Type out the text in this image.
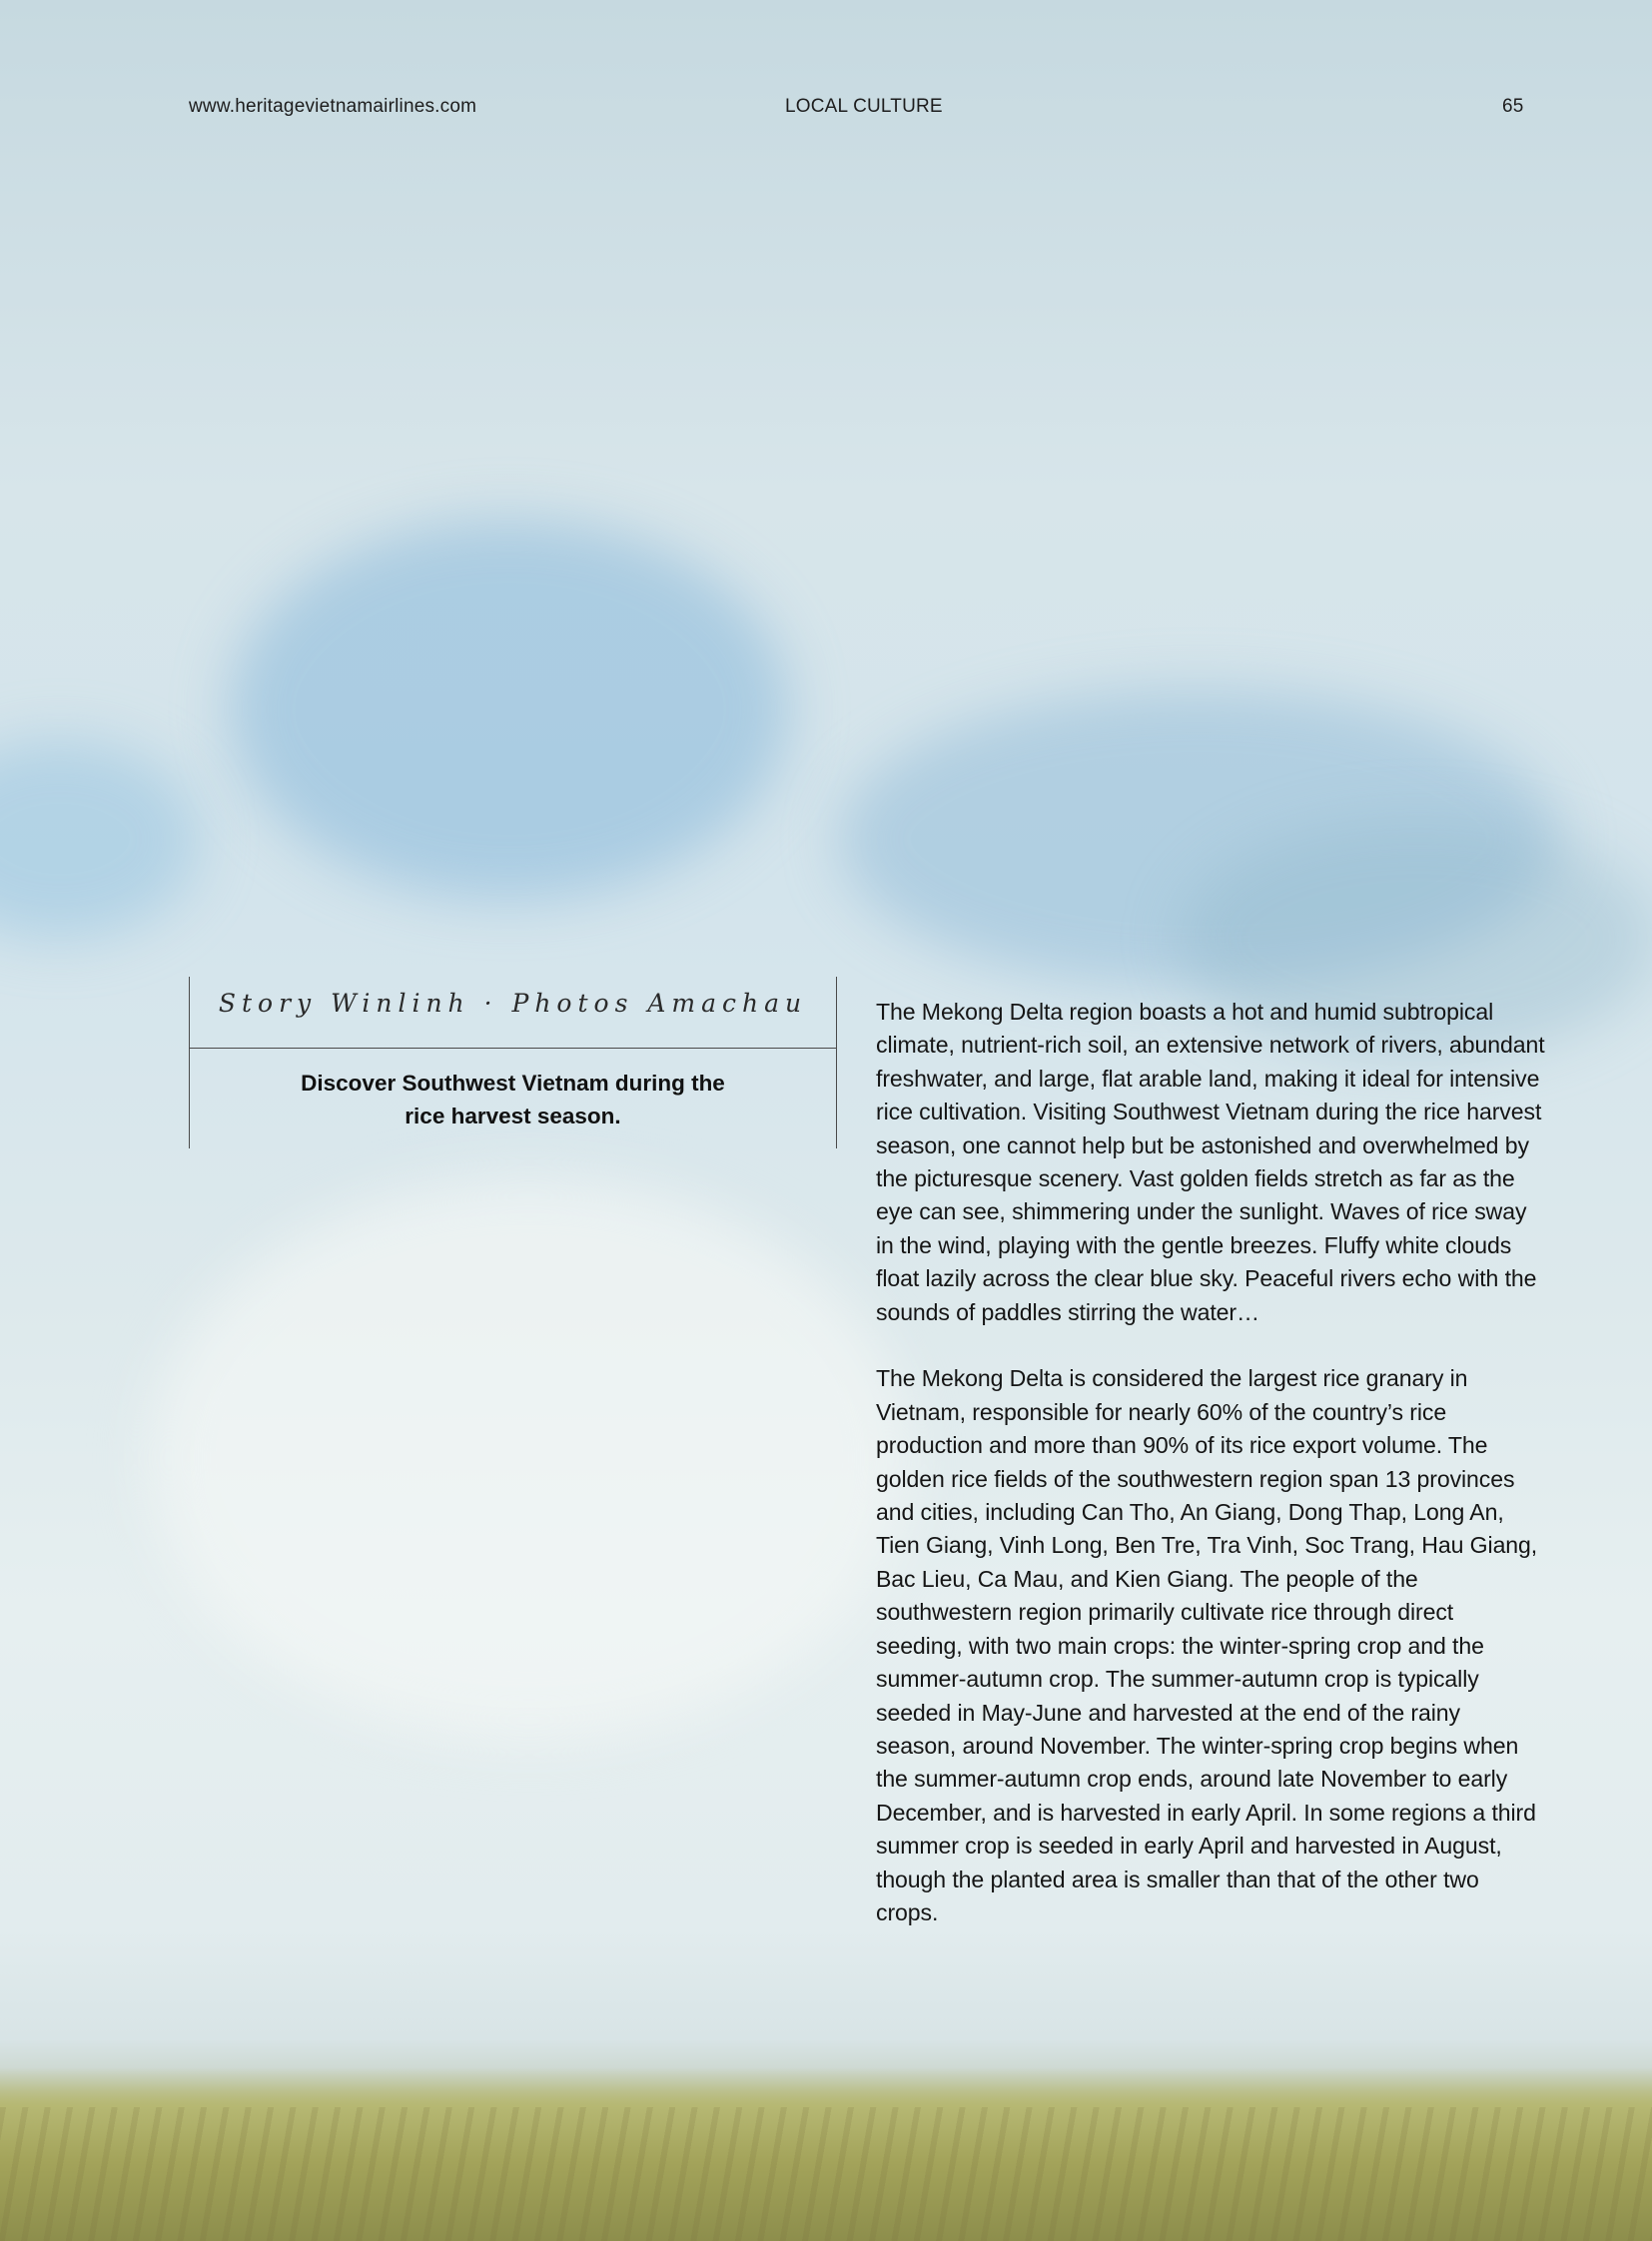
www.heritagevietnamairlines.com	LOCAL CULTURE	65
Story Winlinh · Photos Amachau
Discover Southwest Vietnam during the rice harvest season.

The Mekong Delta region boasts a hot and humid subtropical climate, nutrient-rich soil, an extensive network of rivers, abundant freshwater, and large, flat arable land, making it ideal for intensive rice cultivation. Visiting Southwest Vietnam during the rice harvest season, one cannot help but be astonished and overwhelmed by the picturesque scenery. Vast golden fields stretch as far as the eye can see, shimmering under the sunlight. Waves of rice sway in the wind, playing with the gentle breezes. Fluffy white clouds float lazily across the clear blue sky. Peaceful rivers echo with the sounds of paddles stirring the water…

The Mekong Delta is considered the largest rice granary in Vietnam, responsible for nearly 60% of the country’s rice production and more than 90% of its rice export volume. The golden rice fields of the southwestern region span 13 provinces and cities, including Can Tho, An Giang, Dong Thap, Long An, Tien Giang, Vinh Long, Ben Tre, Tra Vinh, Soc Trang, Hau Giang, Bac Lieu, Ca Mau, and Kien Giang. The people of the southwestern region primarily cultivate rice through direct seeding, with two main crops: the winter-spring crop and the summer-autumn crop. The summer-autumn crop is typically seeded in May-June and harvested at the end of the rainy season, around November. The winter-spring crop begins when the summer-autumn crop ends, around late November to early December, and is harvested in early April. In some regions a third summer crop is seeded in early April and harvested in August, though the planted area is smaller than that of the other two crops.
